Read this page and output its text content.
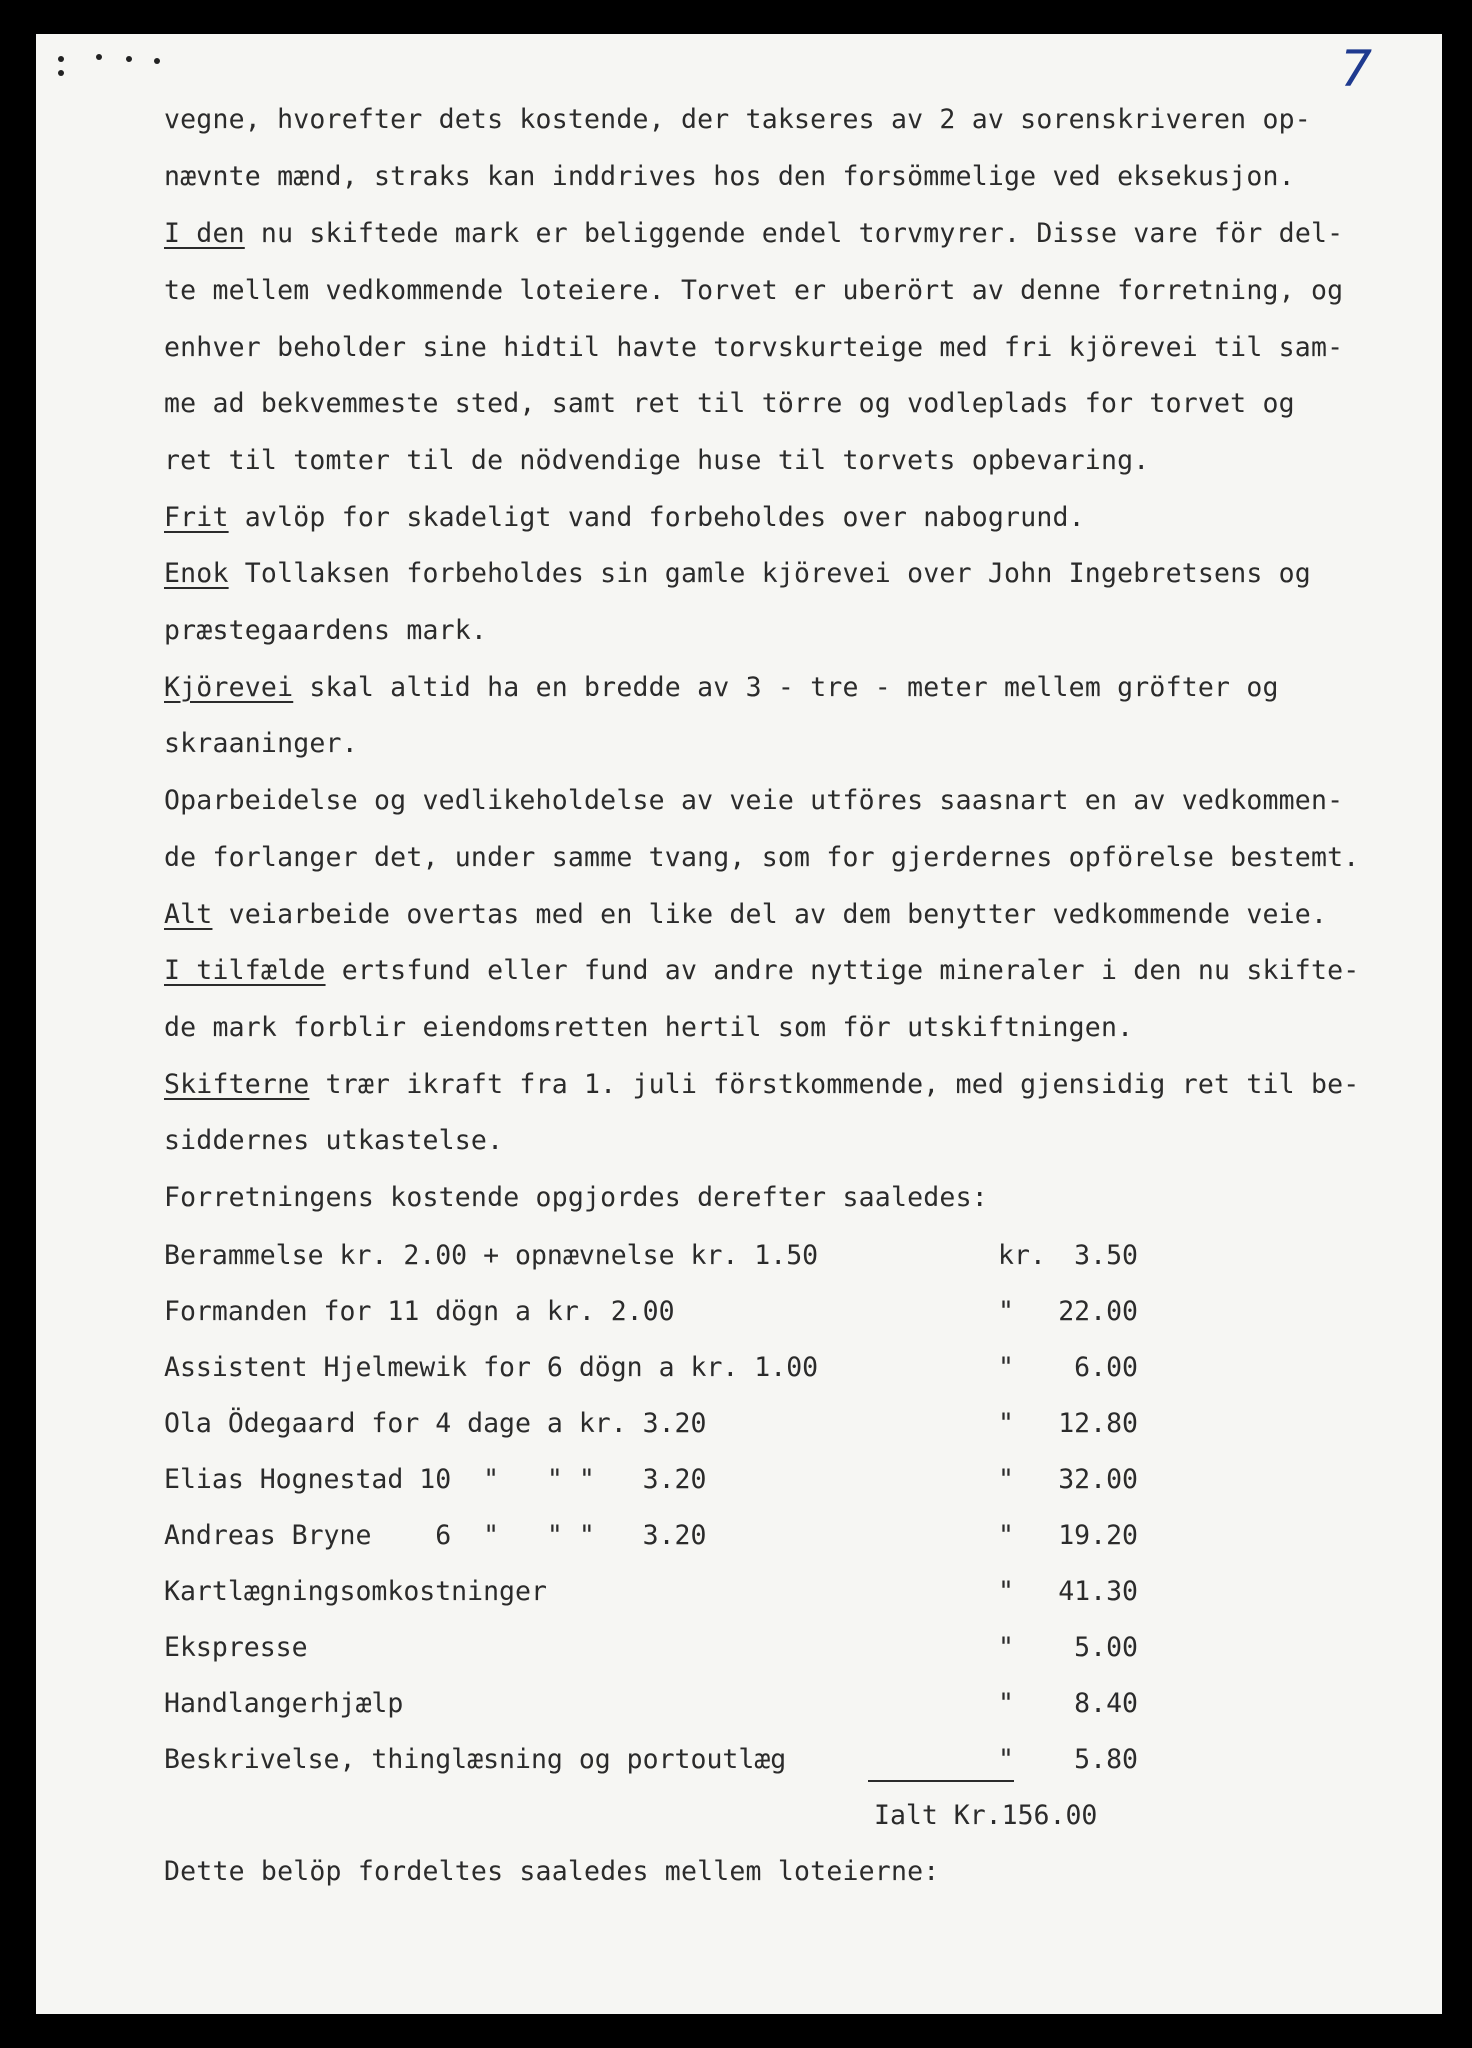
7
vegne, hvorefter dets kostende, der takseres av 2 av sorenskriveren op-
nævnte mænd, straks kan inddrives hos den forsömmelige ved eksekusjon.
I den nu skiftede mark er beliggende endel torvmyrer. Disse vare för del-
te mellem vedkommende loteiere. Torvet er uberört av denne forretning, og
enhver beholder sine hidtil havte torvskurteige med fri kjörevei til sam-
me ad bekvemmeste sted, samt ret til törre og vodleplads for torvet og
ret til tomter til de nödvendige huse til torvets opbevaring.
Frit avlöp for skadeligt vand forbeholdes over nabogrund.
Enok Tollaksen forbeholdes sin gamle kjörevei over John Ingebretsens og
præstegaardens mark.
Kjörevei skal altid ha en bredde av 3 - tre - meter mellem gröfter og
skraaninger.
Oparbeidelse og vedlikeholdelse av veie utföres saasnart en av vedkommen-
de forlanger det, under samme tvang, som for gjerdernes opförelse bestemt.
Alt veiarbeide overtas med en like del av dem benytter vedkommende veie.
I tilfælde ertsfund eller fund av andre nyttige mineraler i den nu skifte-
de mark forblir eiendomsretten hertil som för utskiftningen.
Skifterne trær ikraft fra 1. juli förstkommende, med gjensidig ret til be-
siddernes utkastelse.
Forretningens kostende opgjordes derefter saaledes:
Berammelse kr. 2.00 + opnævnelse kr. 1.50	kr.	3.50
Formanden for 11 dögn a kr. 2.00	"	22.00
Assistent Hjelmewik for 6 dögn a kr. 1.00	"	6.00
Ola Ödegaard for 4 dage a kr. 3.20	"	12.80
Elias Hognestad 10  "   " "   3.20	"	32.00
Andreas Bryne    6  "   " "   3.20	"	19.20
Kartlægningsomkostninger	"	41.30
Ekspresse	"	5.00
Handlangerhjælp	"	8.40
Beskrivelse, thinglæsning og portoutlæg	"	5.80
Ialt Kr.156.00
Dette belöp fordeltes saaledes mellem loteierne:
